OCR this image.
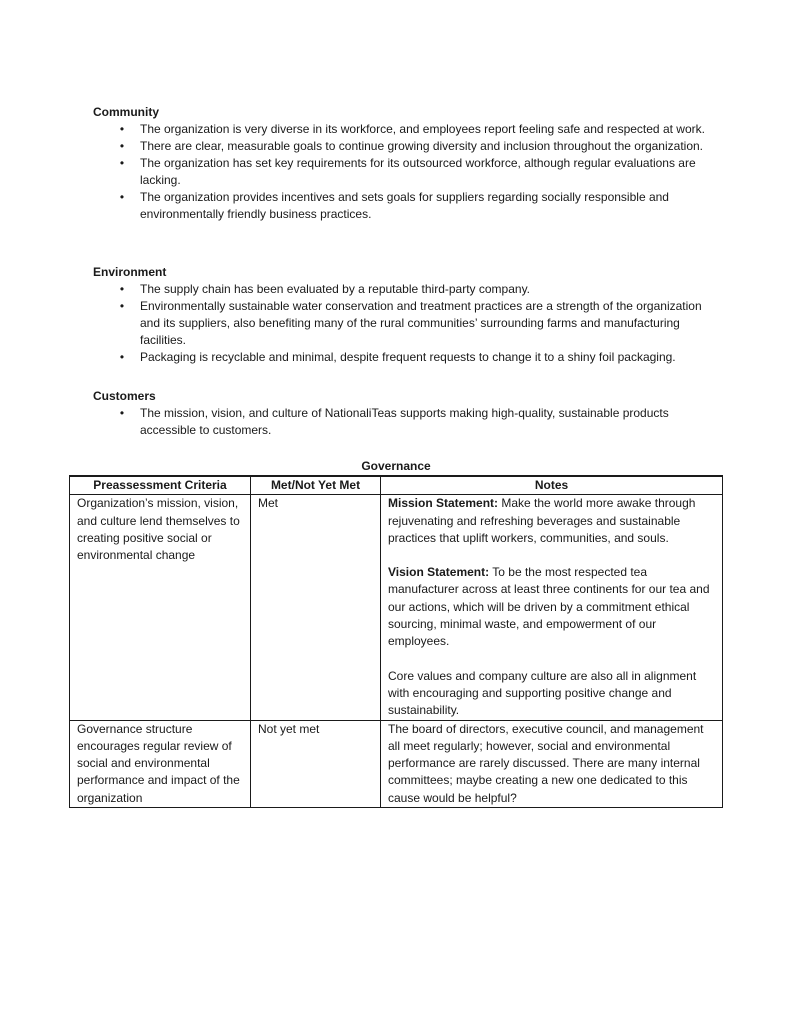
Community

• The organization is very diverse in its workforce, and employees report feeling safe and respected at work.
• There are clear, measurable goals to continue growing diversity and inclusion throughout the organization.
• The organization has set key requirements for its outsourced workforce, although regular evaluations are lacking.
• The organization provides incentives and sets goals for suppliers regarding socially responsible and environmentally friendly business practices.

Environment

• The supply chain has been evaluated by a reputable third-party company.
• Environmentally sustainable water conservation and treatment practices are a strength of the organization and its suppliers, also benefiting many of the rural communities’ surrounding farms and manufacturing facilities.
• Packaging is recyclable and minimal, despite frequent requests to change it to a shiny foil packaging.

Customers

• The mission, vision, and culture of NationaliTeas supports making high-quality, sustainable products accessible to customers.
Governance
Preassessment Criteria	Met/Not Yet Met	Notes
Organization’s mission, vision, and culture lend themselves to creating positive social or environmental change	Met	Mission Statement: Make the world more awake through rejuvenating and refreshing beverages and sustainable practices that uplift workers, communities, and souls.
Vision Statement: To be the most respected tea manufacturer across at least three continents for our tea and our actions, which will be driven by a commitment ethical sourcing, minimal waste, and empowerment of our employees.
Core values and company culture are also all in alignment with encouraging and supporting positive change and sustainability.

Governance structure encourages regular review of social and environmental performance and impact of the organization	Not yet met	The board of directors, executive council, and management all meet regularly; however, social and environmental performance are rarely discussed. There are many internal committees; maybe creating a new one dedicated to this cause would be helpful?
